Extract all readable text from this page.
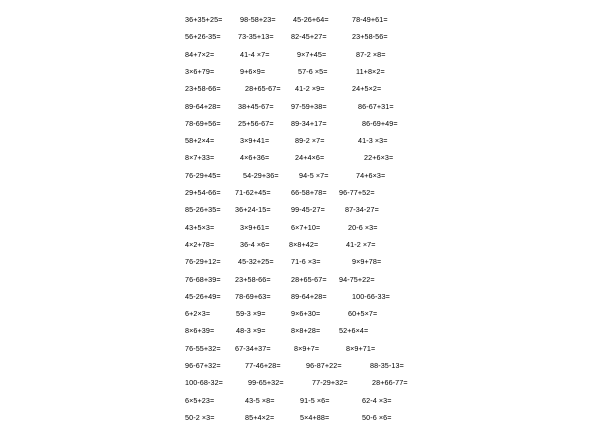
36+35+25= 98-58+23= 45-26+64=	78-49+61=
56+26-35= 73-35+13= 82-45+27=	23+58-56=
84+7×2=	41-4 ×7=	9×7+45=	87-2 ×8=
3×6+79=	9+6×9=	57-6 ×5=	11+8×2=
23+58-66=	28+65-67= 41-2 ×9=	24+5×2=
89-64+28= 38+45-67= 97-59+38=	86-67+31=
78-69+56= 25+56-67= 89-34+17=	86-69+49=
58+2×4=	3×9+41=	89-2 ×7=	41-3 ×3=
8×7+33=	4×6+36=	24+4×6=	22+6×3=
76-29+45=	54-29+36=	94-5 ×7=	74+6×3=
29+54-66= 71-62+45=	66-58+78= 96-77+52=
85-26+35= 36+24-15=	99-45-27=	87-34-27=
43+5×3=	3×9+61=	6×7+10=	20-6 ×3=
4×2+78=	36-4 ×6=	8×8+42=	41-2 ×7=
76-29+12= 45-32+25= 71-6 ×3=	9×9+78=
76-68+39= 23+58-66=	28+65-67= 94-75+22=
45-26+49= 78-69+63=	89-64+28=	100-66-33=
6+2×3=	59-3 ×9=	9×6+30=	60+5×7=
8×6+39=	48-3 ×9=	8×8+28=	52+6×4=
76-55+32= 67-34+37=	8×9+7=	8×9+71=
96-67+32=	77-46+28=	96-87+22=	88-35-13=
100-68-32=	99-65+32=	77-29+32=	28+66-77=
6×5+23=	43-5 ×8=	91-5 ×6=	62-4 ×3=
50-2 ×3=	85+4×2=	5×4+88=	50-6 ×6=
